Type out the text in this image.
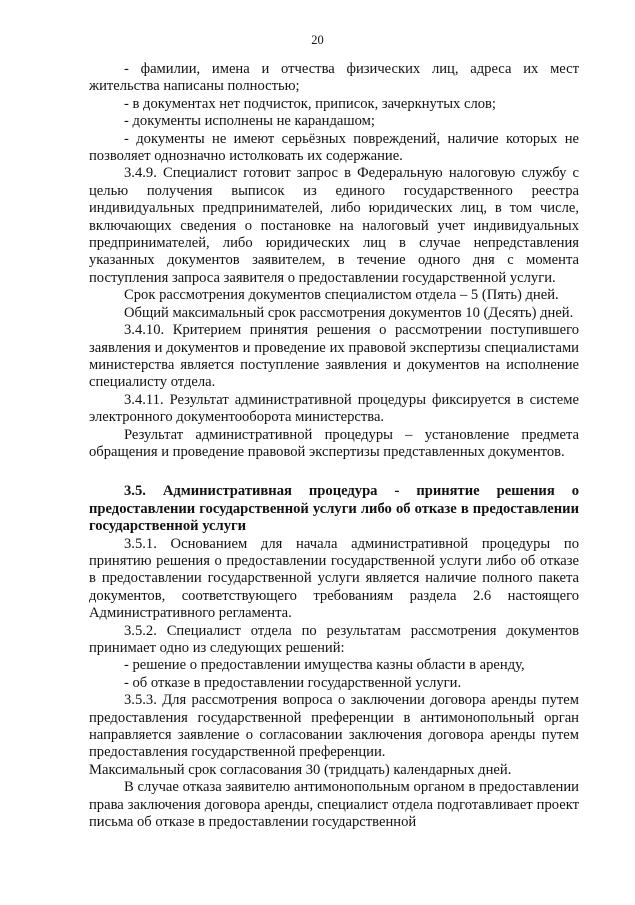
20

- фамилии, имена и отчества физических лиц, адреса их мест жительства написаны полностью;

- в документах нет подчисток, приписок, зачеркнутых слов;

- документы исполнены не карандашом;

- документы не имеют серьёзных повреждений, наличие которых не позволяет однозначно истолковать их содержание.

3.4.9. Специалист готовит запрос в Федеральную налоговую службу с целью получения выписок из единого государственного реестра индивидуальных предпринимателей, либо юридических лиц, в том числе, включающих сведения о постановке на налоговый учет индивидуальных предпринимателей, либо юридических лиц в случае непредставления указанных документов заявителем, в течение одного дня с момента поступления запроса заявителя о предоставлении государственной услуги.

Срок рассмотрения документов специалистом отдела – 5 (Пять) дней.

Общий максимальный срок рассмотрения документов 10 (Десять) дней.

3.4.10. Критерием принятия решения о рассмотрении поступившего заявления и документов и проведение их правовой экспертизы специалистами министерства является поступление заявления и документов на исполнение специалисту отдела.

3.4.11. Результат административной процедуры фиксируется в системе электронного документооборота министерства.

Результат административной процедуры – установление предмета обращения и проведение правовой экспертизы представленных документов.

3.5. Административная процедура - принятие решения о предоставлении государственной услуги либо об отказе в предоставлении государственной услуги

3.5.1. Основанием для начала административной процедуры по принятию решения о предоставлении государственной услуги либо об отказе в предоставлении государственной услуги является наличие полного пакета документов, соответствующего требованиям раздела 2.6 настоящего Административного регламента.

3.5.2. Специалист отдела по результатам рассмотрения документов принимает одно из следующих решений:

- решение о предоставлении имущества казны области в аренду,

- об отказе в предоставлении государственной услуги.

3.5.3. Для рассмотрения вопроса о заключении договора аренды путем предоставления государственной преференции в антимонопольный орган направляется заявление о согласовании заключения договора аренды путем предоставления государственной преференции.

Максимальный срок согласования 30 (тридцать) календарных дней.

В случае отказа заявителю антимонопольным органом в предоставлении права заключения договора аренды, специалист отдела подготавливает проект письма об отказе в предоставлении государственной
